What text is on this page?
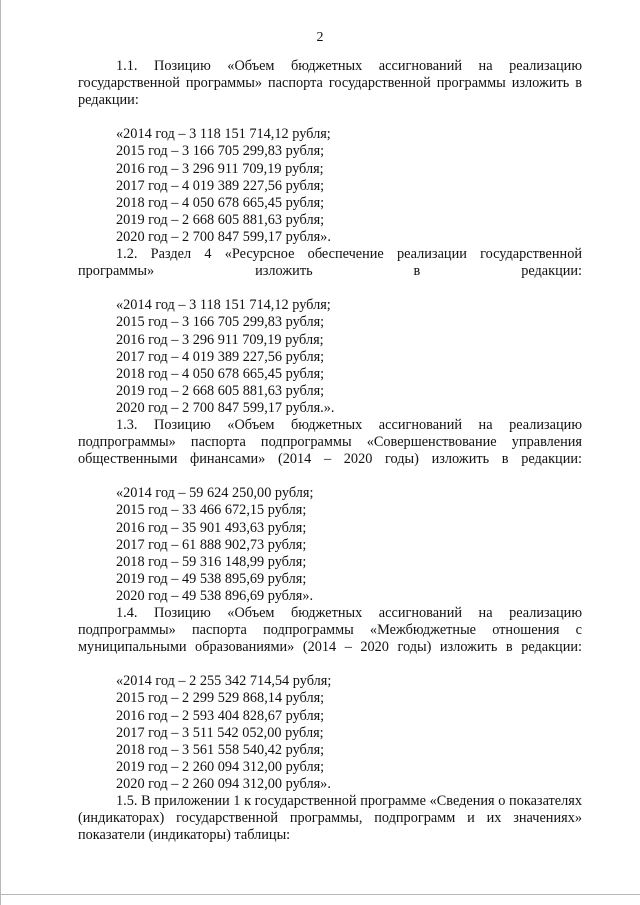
2

1.1. Позицию «Объем бюджетных ассигнований на реализацию государственной программы» паспорта государственной программы изложить в редакции:

«2014 год – 3 118 151 714,12 рубля;

2015 год – 3 166 705 299,83 рубля;

2016 год – 3 296 911 709,19 рубля;

2017 год – 4 019 389 227,56 рубля;

2018 год – 4 050 678 665,45 рубля;

2019 год – 2 668 605 881,63 рубля;

2020 год – 2 700 847 599,17 рубля».

1.2. Раздел 4 «Ресурсное обеспечение реализации государственной программы» изложить в редакции:

«2014 год – 3 118 151 714,12 рубля;

2015 год – 3 166 705 299,83 рубля;

2016 год – 3 296 911 709,19 рубля;

2017 год – 4 019 389 227,56 рубля;

2018 год – 4 050 678 665,45 рубля;

2019 год – 2 668 605 881,63 рубля;

2020 год – 2 700 847 599,17 рубля.».

1.3. Позицию «Объем бюджетных ассигнований на реализацию подпрограммы» паспорта подпрограммы «Совершенствование управления общественными финансами» (2014 – 2020 годы) изложить в редакции:

«2014 год – 59 624 250,00 рубля;

2015 год – 33 466 672,15 рубля;

2016 год – 35 901 493,63 рубля;

2017 год – 61 888 902,73 рубля;

2018 год – 59 316 148,99 рубля;

2019 год – 49 538 895,69 рубля;

2020 год – 49 538 896,69 рубля».

1.4. Позицию «Объем бюджетных ассигнований на реализацию подпрограммы» паспорта подпрограммы «Межбюджетные отношения с муниципальными образованиями» (2014 – 2020 годы) изложить в редакции:

«2014 год – 2 255 342 714,54 рубля;

2015 год – 2 299 529 868,14 рубля;

2016 год – 2 593 404 828,67 рубля;

2017 год – 3 511 542 052,00 рубля;

2018 год – 3 561 558 540,42 рубля;

2019 год – 2 260 094 312,00 рубля;

2020 год – 2 260 094 312,00 рубля».

1.5. В приложении 1 к государственной программе «Сведения о показателях (индикаторах) государственной программы, подпрограмм и их значениях» показатели (индикаторы) таблицы:
